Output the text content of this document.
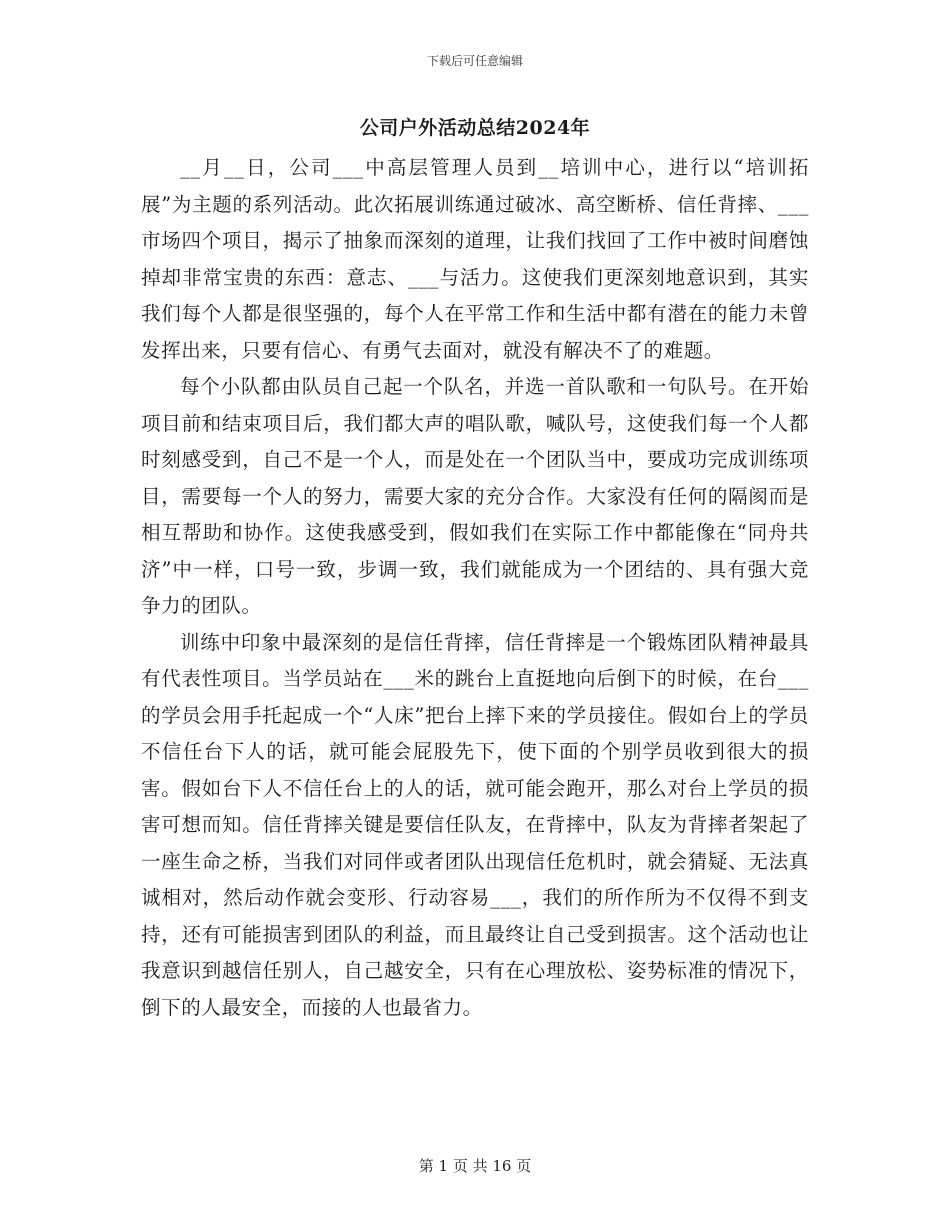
下载后可任意编辑
公司户外活动总结2024年

__月__日，公司___中高层管理人员到__培训中心，进行以“培训拓展”为主题的系列活动。此次拓展训练通过破冰、高空断桥、信任背摔、___市场四个项目，揭示了抽象而深刻的道理，让我们找回了工作中被时间磨蚀掉却非常宝贵的东西：意志、___与活力。这使我们更深刻地意识到，其实我们每个人都是很坚强的，每个人在平常工作和生活中都有潜在的能力未曾发挥出来，只要有信心、有勇气去面对，就没有解决不了的难题。

每个小队都由队员自己起一个队名，并选一首队歌和一句队号。在开始项目前和结束项目后，我们都大声的唱队歌，喊队号，这使我们每一个人都时刻感受到，自己不是一个人，而是处在一个团队当中，要成功完成训练项目，需要每一个人的努力，需要大家的充分合作。大家没有任何的隔阂而是相互帮助和协作。这使我感受到，假如我们在实际工作中都能像在“同舟共济”中一样，口号一致，步调一致，我们就能成为一个团结的、具有强大竞争力的团队。

训练中印象中最深刻的是信任背摔，信任背摔是一个锻炼团队精神最具有代表性项目。当学员站在___米的跳台上直挺地向后倒下的时候，在台___的学员会用手托起成一个“人床”把台上摔下来的学员接住。假如台上的学员不信任台下人的话，就可能会屁股先下，使下面的个别学员收到很大的损害。假如台下人不信任台上的人的话，就可能会跑开，那么对台上学员的损害可想而知。信任背摔关键是要信任队友，在背摔中，队友为背摔者架起了一座生命之桥，当我们对同伴或者团队出现信任危机时，就会猜疑、无法真诚相对，然后动作就会变形、行动容易___，我们的所作所为不仅得不到支持，还有可能损害到团队的利益，而且最终让自己受到损害。这个活动也让我意识到越信任别人，自己越安全，只有在心理放松、姿势标准的情况下，倒下的人最安全，而接的人也最省力。

第 1 页 共 16 页
